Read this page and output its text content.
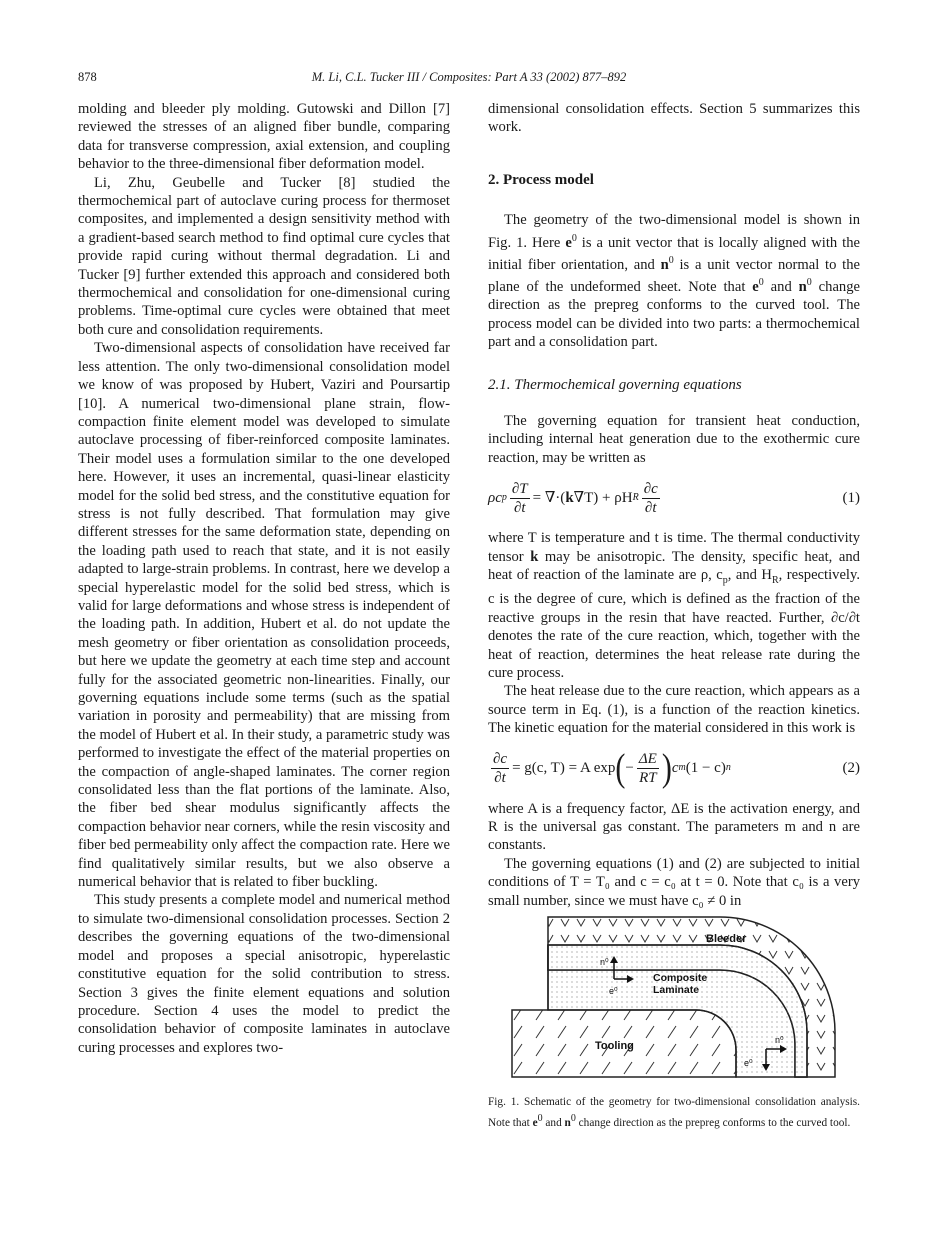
878	M. Li, C.L. Tucker III / Composites: Part A 33 (2002) 877–892

molding and bleeder ply molding. Gutowski and Dillon [7] reviewed the stresses of an aligned fiber bundle, comparing data for transverse compression, axial extension, and coupling behavior to the three-dimensional fiber deformation model.

Li, Zhu, Geubelle and Tucker [8] studied the thermochemical part of autoclave curing process for thermoset composites, and implemented a design sensitivity method with a gradient-based search method to find optimal cure cycles that provide rapid curing without thermal degradation. Li and Tucker [9] further extended this approach and considered both thermochemical and consolidation for one-dimensional curing problems. Time-optimal cure cycles were obtained that meet both cure and consolidation requirements.

Two-dimensional aspects of consolidation have received far less attention. The only two-dimensional consolidation model we know of was proposed by Hubert, Vaziri and Poursartip [10]. A numerical two-dimensional plane strain, flow-compaction finite element model was developed to simulate autoclave processing of fiber-reinforced composite laminates. Their model uses a formulation similar to the one developed here. However, it uses an incremental, quasi-linear elasticity model for the solid bed stress, and the constitutive equation for stress is not fully described. That formulation may give different stresses for the same deformation state, depending on the loading path used to reach that state, and it is not easily adapted to large-strain problems. In contrast, here we develop a special hyperelastic model for the solid bed stress, which is valid for large deformations and whose stress is independent of the loading path. In addition, Hubert et al. do not update the mesh geometry or fiber orientation as consolidation proceeds, but here we update the geometry at each time step and account fully for the associated geometric non-linearities. Finally, our governing equations include some terms (such as the spatial variation in porosity and permeability) that are missing from the model of Hubert et al. In their study, a parametric study was performed to investigate the effect of the material properties on the compaction of angle-shaped laminates. The corner region consolidated less than the flat portions of the laminate. Also, the fiber bed shear modulus significantly affects the compaction behavior near corners, while the resin viscosity and fiber bed permeability only affect the compaction rate. Here we find qualitatively similar results, but we also observe a numerical behavior that is related to fiber buckling.

This study presents a complete model and numerical method to simulate two-dimensional consolidation processes. Section 2 describes the governing equations of the two-dimensional model and proposes a special anisotropic, hyperelastic constitutive equation for the solid contribution to stress. Section 3 gives the finite element equations and solution procedure. Section 4 uses the model to predict the consolidation behavior of composite laminates in autoclave curing processes and explores two-

dimensional consolidation effects. Section 5 summarizes this work.

2. Process model

The geometry of the two-dimensional model is shown in Fig. 1. Here $e^0$ is a unit vector that is locally aligned with the initial fiber orientation, and $n^0$ is a unit vector normal to the plane of the undeformed sheet. Note that $e^0$ and $n^0$ change direction as the prepreg conforms to the curved tool. The process model can be divided into two parts: a thermochemical part and a consolidation part.

2.1. Thermochemical governing equations

The governing equation for transient heat conduction, including internal heat generation due to the exothermic cure reaction, may be written as

ρc p $\frac{\partial T}{\partial t}$ = ∇·( k ∇T) + ρH R $\frac{\partial c}{\partial t}$	(1)

where T is temperature and t is time. The thermal conductivity tensor k may be anisotropic. The density, specific heat, and heat of reaction of the laminate are ρ, $c_p$, and $H_R$, respectively. c is the degree of cure, which is defined as the fraction of the reactive groups in the resin that have reacted. Further, ∂c/∂t denotes the rate of the cure reaction, which, together with the heat of reaction, determines the heat release rate during the cure process.

The heat release due to the cure reaction, which appears as a source term in Eq. (1), is a function of the reaction kinetics. The kinetic equation for the material considered in this work is

$\frac{\partial c}{\partial t} = g(c$, T) = A exp ( − $\frac{\Delta E}{RT}$ ) c m (1 − c) n	(2)

where A is a frequency factor, ΔE is the activation energy, and R is the universal gas constant. The parameters m and n are constants.

The governing equations (1) and (2) are subjected to initial conditions of T = T₀ and c = c₀ at t = 0. Note that c₀ is a very small number, since we must have c₀ ≠ 0 in

Bleeder
Composite
Laminate
Tooling
n⁰
e⁰
n⁰
e⁰
Fig. 1. Schematic of the geometry for two-dimensional consolidation analysis. Note that $e^0$ and $n^0$ change direction as the prepreg conforms to the curved tool.
